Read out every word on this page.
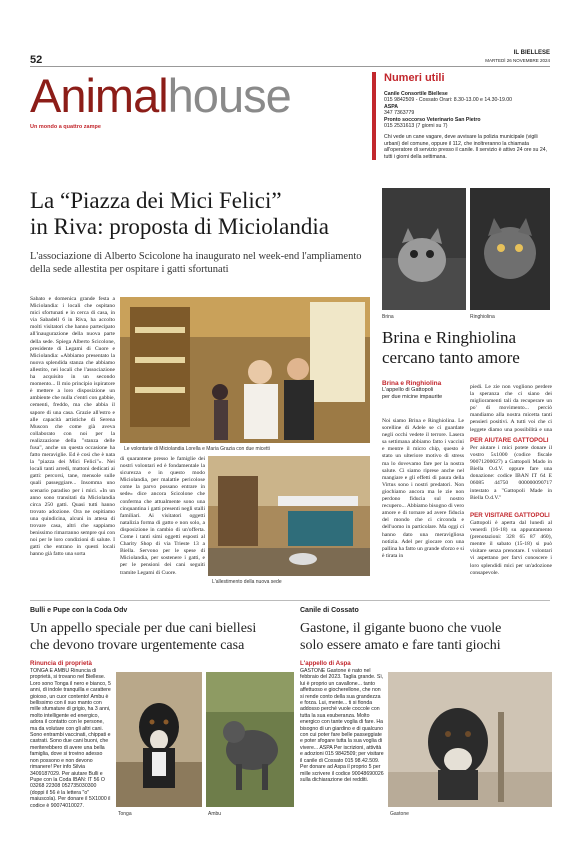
52
IL BIELLESE
MARTEDÌ 26 NOVEMBRE 2024
Animalhouse
Un mondo a quattro zampe
Numeri utili
Canile Consortile Biellese
015 9842509 - Cossato Orari: 8.30-13.00 e 14.30-19.00
ASPA
347 7363779
Pronto soccorso Veterinario San Pietro
015 2531613 (7 giorni su 7)
Chi vede un cane vagare, deve avvisare la polizia municipale (vigili urbani) del comune, oppure il 112, che inoltreranno la chiamata all'operatore di servizio presso il canile. Il servizio è attivo 24 ore su 24, tutti i giorni della settimana.
La “Piazza dei Mici Felici”
in Riva: proposta di Miciolandia
L'associazione di Alberto Scicolone ha inaugurato nel week-end l'ampliamento della sede allestita per ospitare i gatti sfortunati
Sabato e domenica grande festa a Miciolandia: i locali che ospitano mici sfortunati e in cerca di casa, in via Sabadell 6 in Riva, ha accolto molti visitatori che hanno partecipato all'inaugurazione della nuova parte della sede. Spiega Alberto Scicolone, presidente di Legami di Cuore e Miciolandia: «Abbiamo presentato la nuova splendida stanza che abbiamo allestito, nei locali che l'associazione ha acquisito in un secondo momento... Il mio principio ispiratore è mettere a loro disposizione un ambiente che nulla c'entri con gabbie, cementi, freddo, ma che abbia il sapore di una casa. Grazie all'estro e alle capacità artistiche di Serena Muscon che come già aveva collaborato con noi per la realizzazione della "stanza delle fusa", anche un questa occasione ha fatto meraviglie. Ed è così che è nata la "piazza dei Mici Felici"». Nei locali tanti arredi, mattoni dedicati ai gatti: percorsi, tane, mensole sulle quali passeggiare... Insomma uno scenario paradiso per i mici. «In un anno sono transitati da Miciolandia circa 250 gatti. Quasi tutti hanno trovato adozione. Ora ne ospitiamo una quindicina, alcuni in attesa di trovare casa, altri che sappiamo benissimo rimarranno sempre qui con noi per le loro condizioni di salute. I gatti che entrano in questi locali hanno già fatto una sorta
Le volontarie di Miciolandia Lorella e Maria Grazia con due micetti
di quarantene presso le famiglie dei nostri volontari ed è fondamentale la sicurezza e in questo modo Miciolandia, per malattie pericolose come la parvo possano entrare in sede» dice ancora Scicolone che conferma che attualmente sono una cinquantina i gatti presenti negli stalli familiari. Ai visitatori oggetti natalizia forma di gatto e non solo, a disposizione in cambio di un'offerta. Come i tanti simi oggetti esposti al Charity Shop di via Trieste 13 a Biella. Servono per le spese di Miciolandia, per sostenere i gatti, e per le pensioni dei cani seguiti tramite Legami di Cuore.
L'allestimento della nuova sede
Brina	Ringhiolina
Brina e Ringhiolina
cercano tanto amore
Brina e Ringhiolina
L'appello di Gattopoli
per due micine impaurite
Noi siamo Brina e Ringhiolina. Le sorelline di Adele se ci guardate negli occhi vedete il terrore. Lasera sa settimana abbiamo fatto i vaccini e mentre il micro chip, questo è stato un ulteriore motivo di stress ma lo dovevamo fare per la nostra salute. Ci siamo riprese anche nel mangiare e gli effetti di paura della Virtus sono i nostri predatori. Non giochiamo ancora ma le zie non perdono fiducia sul nostro recupero... Abbiamo bisogno di vero amore e di tornare ad avere fiducia del mondo che ci circonda e dell'uomo in particolare. Ma oggi ci hanno dato una meravigliosa notizia. Adel per giocare con una pallina ha fatto un grande sforzo e si è tirata in
piedi. Le zie non vogliono perdere la speranza che ci siano dei miglioramenti tali da recuperare un po' di movimento... perciò mandiamo alla nostra micetta tanti pensieri positivi. A tutti voi che ci leggete diamo una possibilità e una
PER AIUTARE GATTOPOLI
Per aiutare i mici potete donare il vostro 5x1000 (codice fiscale 90071200027) a Gattopoli Mado in Biella O.d.V. oppure fare una donazione: codice IBAN IT 64 E 06085 44750 000000090717 intestato a "Gattopoli Made in Biella O.d.V."
PER VISITARE GATTOPOLI
Gattopoli è aperta dal lunedì al venerdì (16-18) su appuntamento (prenotazioni: 328 65 87 460), mentre il sabato (15-18) si può visitare senza prenotare. I volontari vi aspettano per farvi conoscere i loro splendidi mici per un'adozione consapevole.
Bulli e Pupe con la Coda Odv
Un appello speciale per due cani biellesi
che devono trovare urgentemente casa
Rinuncia di proprietà
TONGA E AMBU Rinuncia di proprietà, si trovano nel Biellese. Loro sono Tonga il nero e bianco, 5 anni, di indole tranquilla e carattere gioioso, un cuor contento! Ambu è bellissimo con il suo manto con mille sfumature di grigio, ha 3 anni, molto intelligente ed energico, adora il contatto con le persone, ma da volutare con gli altri cani. Sono entrambi vaccinati, chippati e castrati. Sono due cani buoni, che meriterebbero di avere una bella famiglia, dove si trovino adesso non possono e non devono rimanere! Per info Silvia 3409187029. Per aiutare Bulli e Pupe con la Coda IBAN: IT 56 O 03268 22308 052735030300 (doppi il 56 è la lettera "o" maiuscola). Per donare il 5X1000 il codice è 90074010027.
Tonga	Ambu
Canile di Cossato
Gastone, il gigante buono che vuole
solo essere amato e fare tanti giochi
L'appello di Aspa
GASTONE Gastone è nato nel febbraio del 2023. Taglia grande. Sì, lui è proprio un cavallone... tanto affettuoso e giocherellone, che non si rende conto della sua grandezza e forza. Lui, mente... ti si fionda addosso perché vuole coccole con tutta la sua esuberanza. Molto energico con tante voglia di fare. Ha bisogno di un giardino e di qualcuno con cui poter fare belle passeggiate e poter sfogare tutta la sua voglia di vivere... ASPA Per iscrizioni, attività e adozioni 015 9842509; per visitare il canile di Cossato 015 98.42.509. Per donare ad Aspa il proprio 5 per mille scrivere il codice 90048690026 sulla dichiarazione dei redditi.
Gastone
